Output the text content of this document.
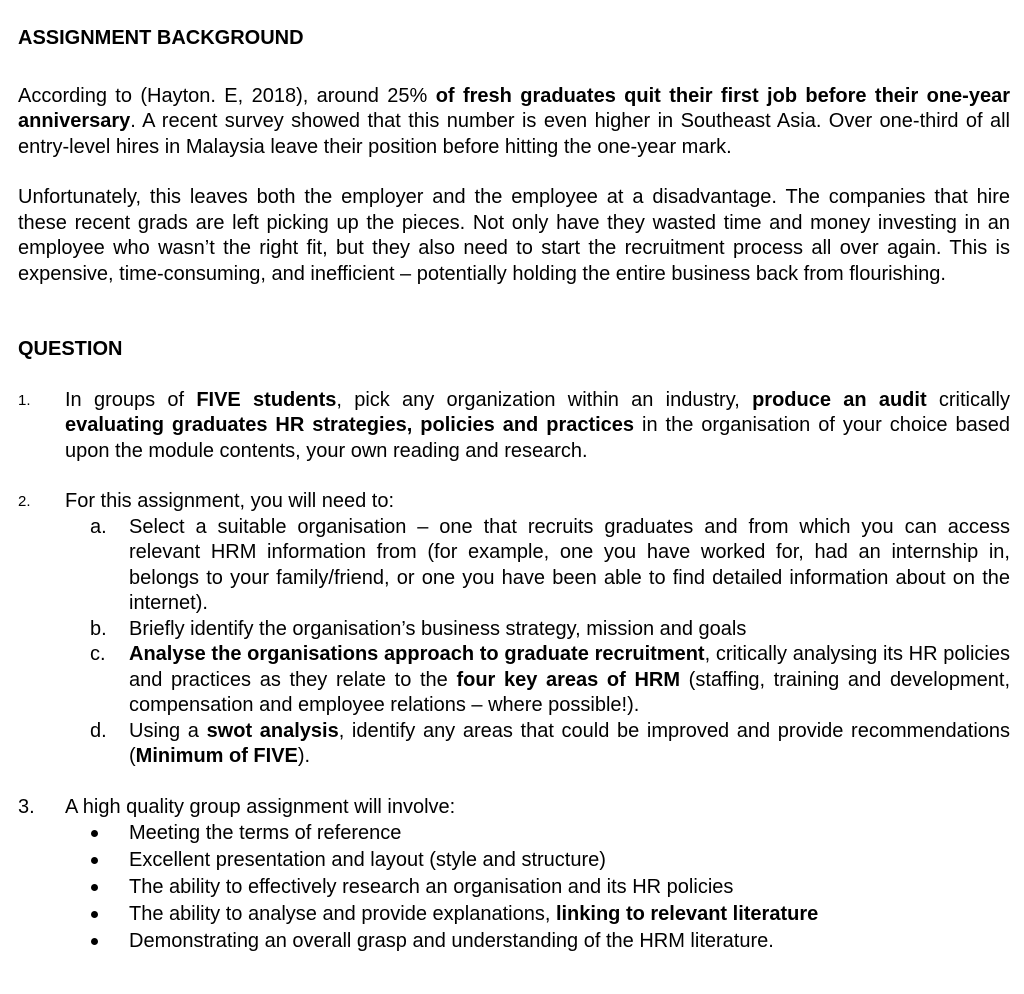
ASSIGNMENT BACKGROUND

According to (Hayton. E, 2018), around 25% of fresh graduates quit their first job before their one-year anniversary. A recent survey showed that this number is even higher in Southeast Asia. Over one-third of all entry-level hires in Malaysia leave their position before hitting the one-year mark.

Unfortunately, this leaves both the employer and the employee at a disadvantage. The companies that hire these recent grads are left picking up the pieces. Not only have they wasted time and money investing in an employee who wasn’t the right fit, but they also need to start the recruitment process all over again. This is expensive, time-consuming, and inefficient – potentially holding the entire business back from flourishing.

QUESTION
1. In groups of FIVE students, pick any organization within an industry, produce an audit critically evaluating graduates HR strategies, policies and practices in the organisation of your choice based upon the module contents, your own reading and research.

2. For this assignment, you will need to:

a. Select a suitable organisation – one that recruits graduates and from which you can access relevant HRM information from (for example, one you have worked for, had an internship in, belongs to your family/friend, or one you have been able to find detailed information about on the internet).
b. Briefly identify the organisation’s business strategy, mission and goals
c. Analyse the organisations approach to graduate recruitment, critically analysing its HR policies and practices as they relate to the four key areas of HRM (staffing, training and development, compensation and employee relations – where possible!).
d. Using a swot analysis, identify any areas that could be improved and provide recommendations (Minimum of FIVE).
3. A high quality group assignment will involve:

Meeting the terms of reference
Excellent presentation and layout (style and structure)
The ability to effectively research an organisation and its HR policies
The ability to analyse and provide explanations, linking to relevant literature
Demonstrating an overall grasp and understanding of the HRM literature.
